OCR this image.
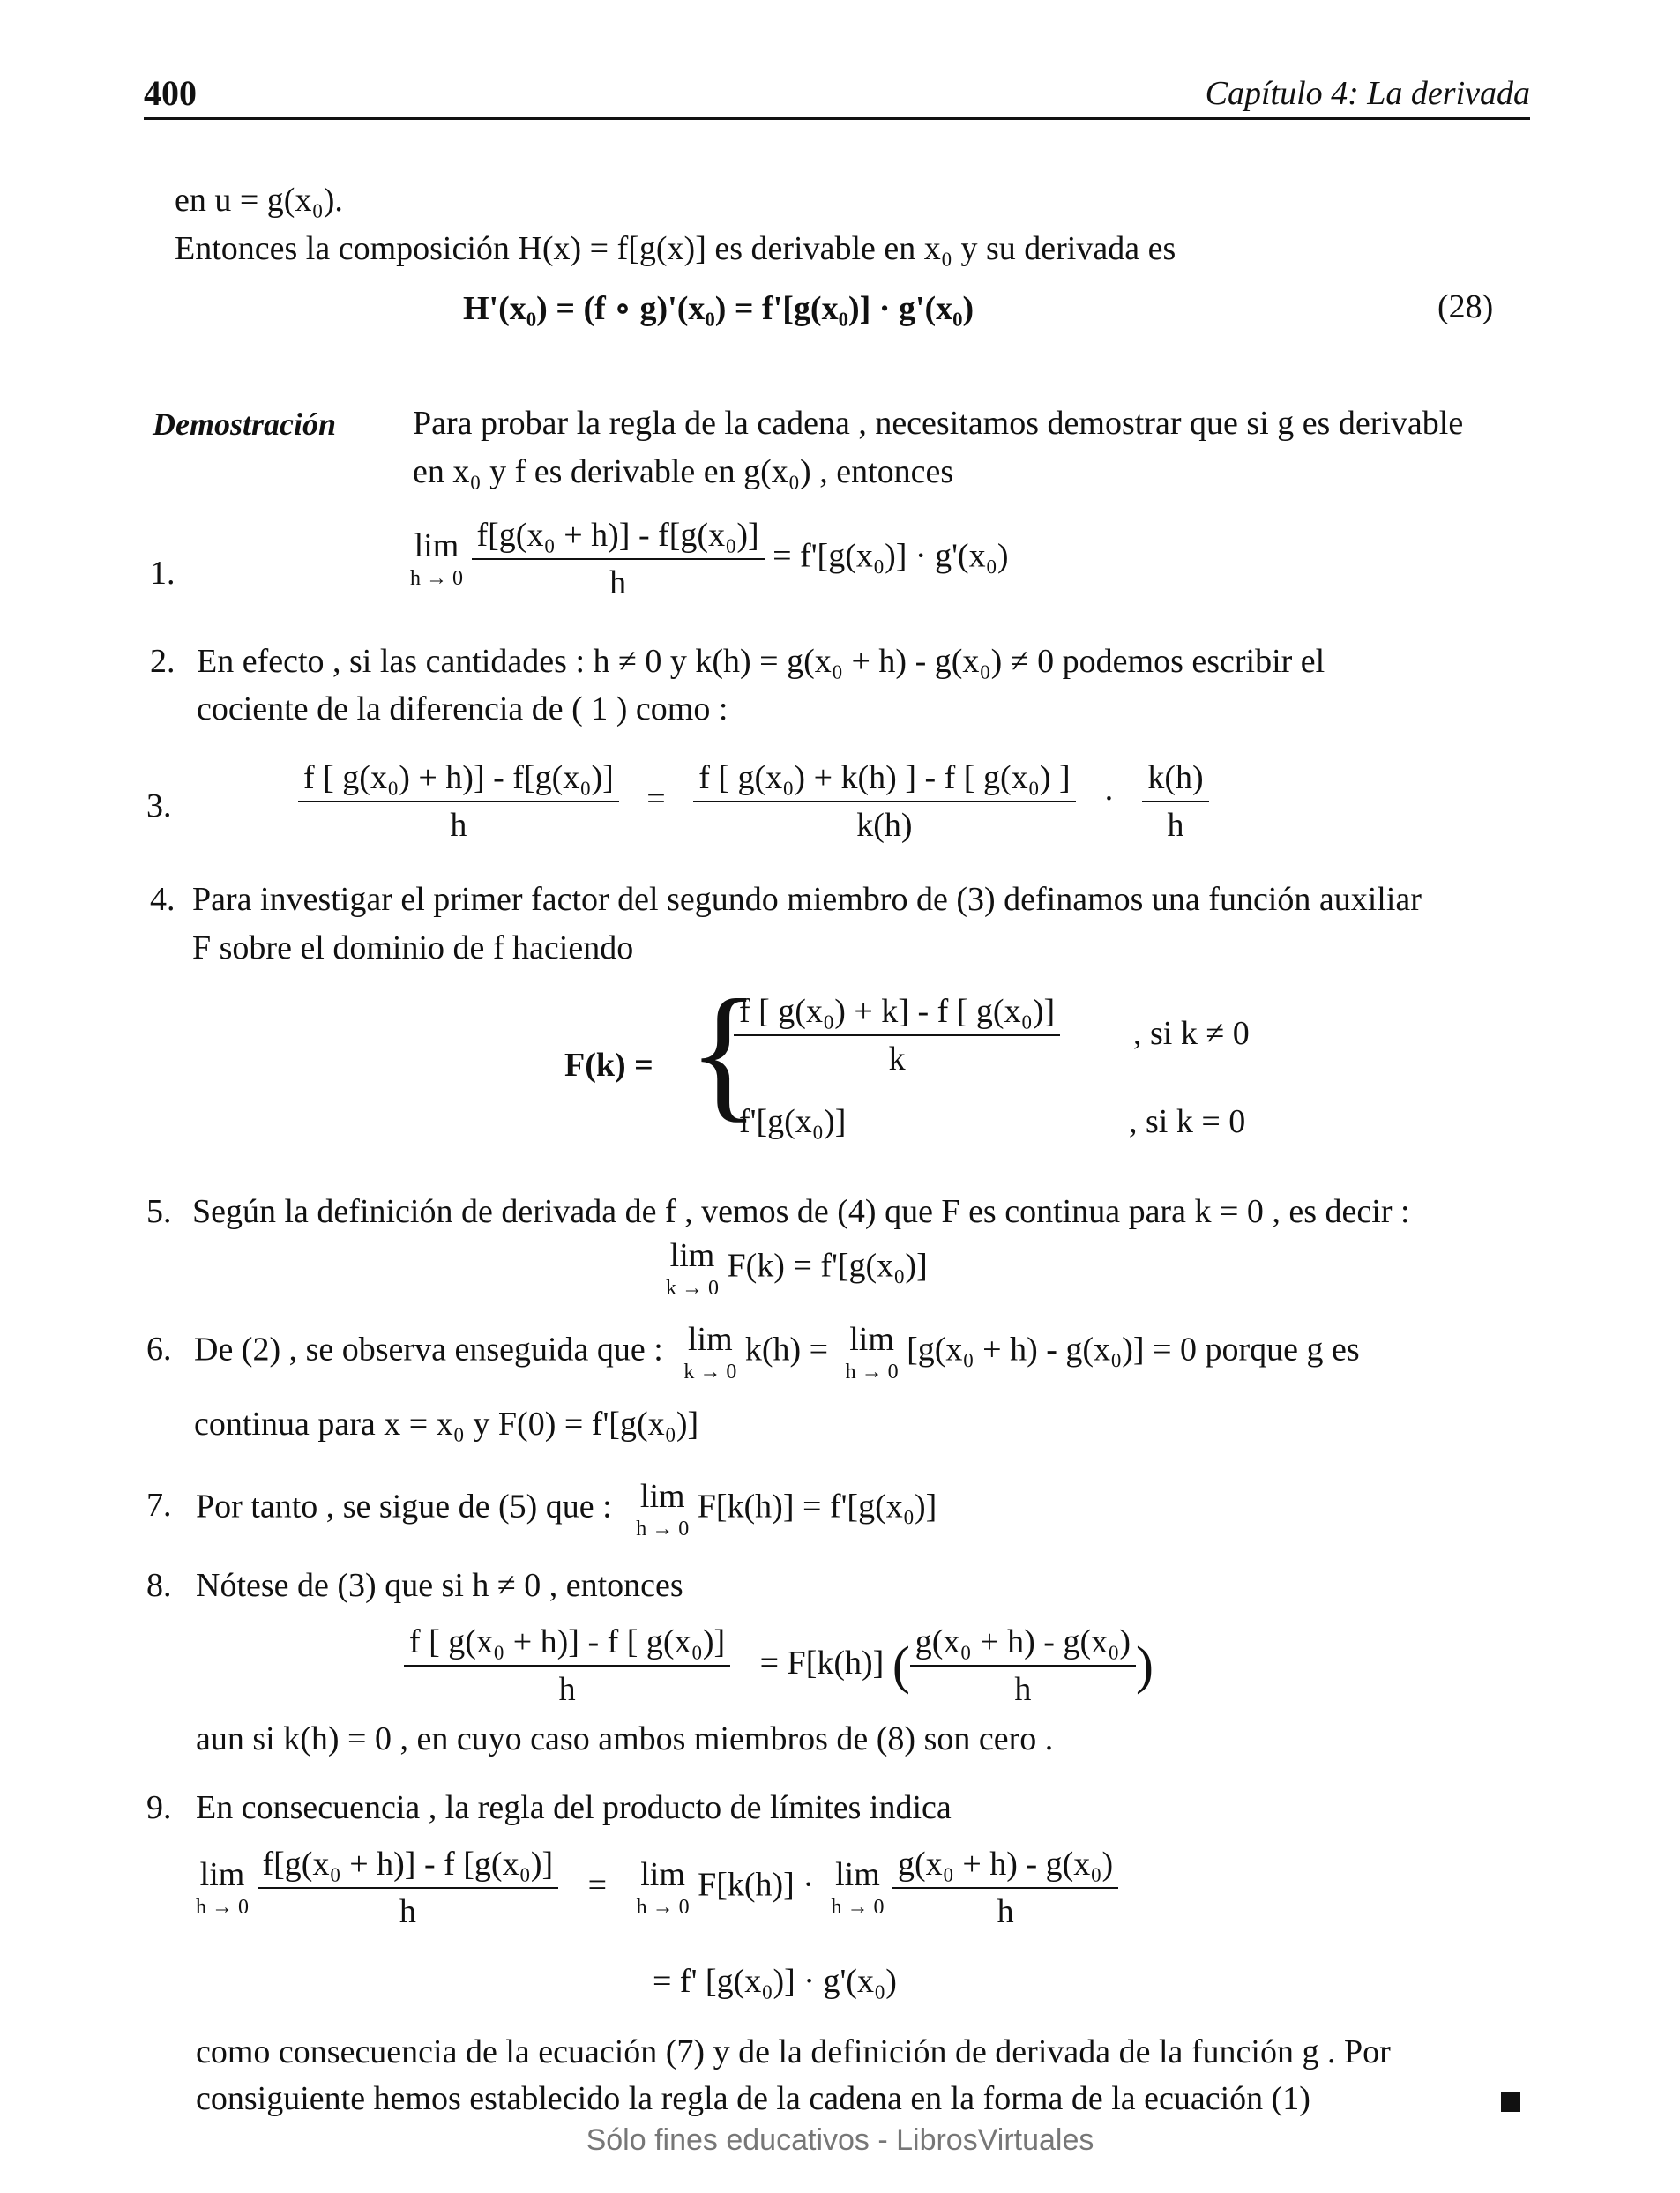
400	Capítulo 4: La derivada
en u = g(x₀).
Entonces la composición H(x) = f[g(x)] es derivable en x₀ y su derivada es
H'(x₀) = (f ∘ g)'(x₀) = f'[g(x₀)] · g'(x₀)	(28)
Demostración Para probar la regla de la cadena , necesitamos demostrar que si g es derivable
en x₀ y f es derivable en g(x₀) , entonces
1.
lim
h → 0
$\frac{\text{f[g(x₀ + h)] - f[g(x₀)]}}{h} = f'[g(x_0)] \cdot g'(x_0)$
2. En efecto , si las cantidades : h ≠ 0 y k(h) = g(x₀ + h) - g(x₀) ≠ 0 podemos escribir el
cociente de la diferencia de ( 1 ) como :
3.	$\frac{\text{f [ g(x₀) + h)] - f[g(x₀)]}}{h} = \frac{\text{f [ g(x₀) + k(h) ] - f [ g(x₀) ]}}{k(h)} \cdot \frac{k(h)}{h}$
4. Para investigar el primer factor del segundo miembro de (3) definamos una función auxiliar
F sobre el dominio de f haciendo
F(k) = {
$\frac{\text{f [ g(x₀) + k] - f [ g(x₀)]}}{k}$ , si k ≠ 0
f'[g(x₀)]	, si k = 0
5. Según la definición de derivada de f , vemos de (4) que F es continua para k = 0 , es decir :
lim
k → 0
F(k) = f'[g(x₀)]
6. De (2) , se observa enseguida que : lim
k → 0
k(h) = lim
h → 0
[g(x₀ + h) - g(x₀)] = 0 porque g es
continua para x = x₀ y F(0) = f'[g(x₀)]
7. Por tanto , se sigue de (5) que : lim
h → 0
F[k(h)] = f'[g(x₀)]
8. Nótese de (3) que si h ≠ 0 , entonces
$\frac{\text{f [ g(x₀ + h)] - f [ g(x₀)]}}{h} = F[k(h)]$ ( $\frac{\text{g(x₀ + h) - g(x₀)}}{h}$ )
aun si k(h) = 0 , en cuyo caso ambos miembros de (8) son cero .
9. En consecuencia , la regla del producto de límites indica
lim
h → 0
$\frac{\text{f[g(x₀ + h)] - f [g(x₀)]}}{h} = \lim$
h → 0
F[k(h)] · lim
h → 0
$\frac{\text{g(x₀ + h) - g(x₀)}}{h}$
= f' [g(x₀)] · g'(x₀)
como consecuencia de la ecuación (7) y de la definición de derivada de la función g . Por
consiguiente hemos establecido la regla de la cadena en la forma de la ecuación (1)
Sólo fines educativos - LibrosVirtuales
